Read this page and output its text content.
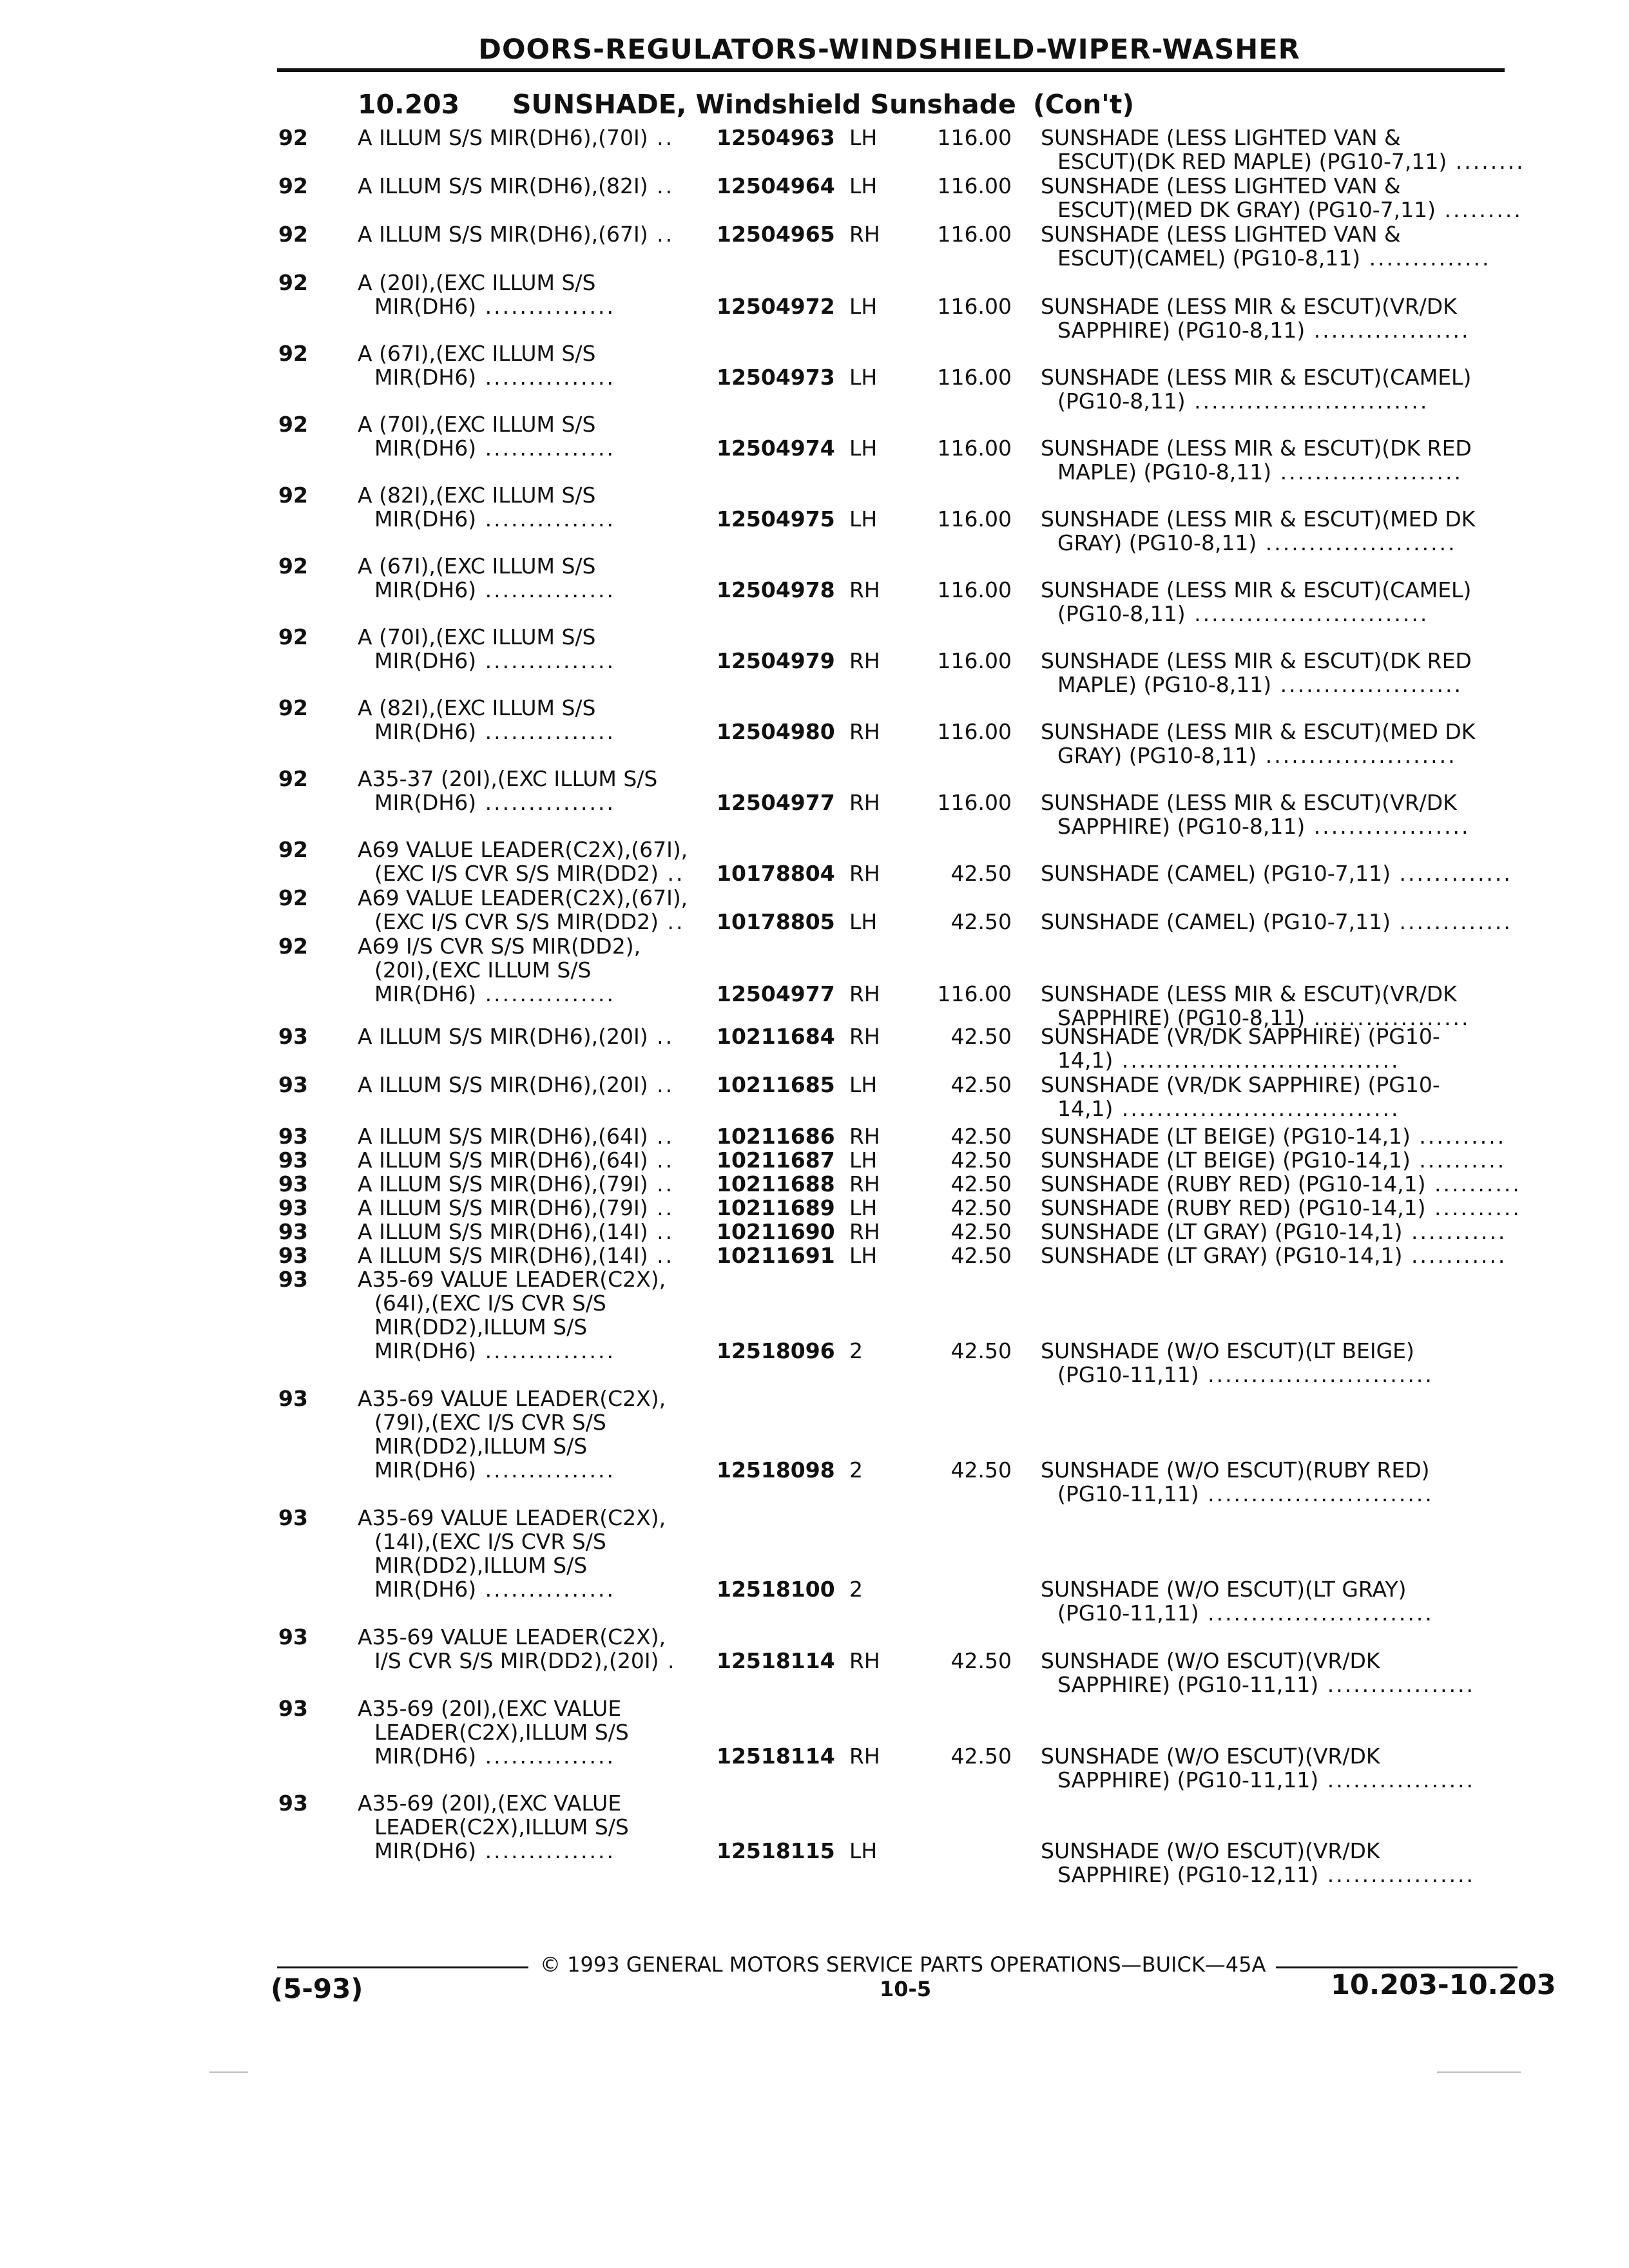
DOORS-REGULATORS-WINDSHIELD-WIPER-WASHER
10.203 SUNSHADE, Windshield Sunshade (Con't)
92 A ILLUM S/S MIR(DH6),(70I) .. 12504963 LH	116.00 SUNSHADE (LESS LIGHTED VAN &
ESCUT)(DK RED MAPLE) (PG10-7,11) ........
92 A ILLUM S/S MIR(DH6),(82I) .. 12504964 LH	116.00 SUNSHADE (LESS LIGHTED VAN &
ESCUT)(MED DK GRAY) (PG10-7,11) .........
92 A ILLUM S/S MIR(DH6),(67I) .. 12504965 RH	116.00 SUNSHADE (LESS LIGHTED VAN &
ESCUT)(CAMEL) (PG10-8,11) ..............
92 A (20I),(EXC ILLUM S/S
MIR(DH6) ...............	12504972 LH	116.00 SUNSHADE (LESS MIR & ESCUT)(VR/DK
SAPPHIRE) (PG10-8,11) ..................
92 A (67I),(EXC ILLUM S/S
MIR(DH6) ...............	12504973 LH	116.00 SUNSHADE (LESS MIR & ESCUT)(CAMEL)
(PG10-8,11) ...........................
92 A (70I),(EXC ILLUM S/S
MIR(DH6) ...............	12504974 LH	116.00 SUNSHADE (LESS MIR & ESCUT)(DK RED
MAPLE) (PG10-8,11) .....................
92 A (82I),(EXC ILLUM S/S
MIR(DH6) ...............	12504975 LH	116.00 SUNSHADE (LESS MIR & ESCUT)(MED DK
GRAY) (PG10-8,11) ......................
92 A (67I),(EXC ILLUM S/S
MIR(DH6) ...............	12504978 RH	116.00 SUNSHADE (LESS MIR & ESCUT)(CAMEL)
(PG10-8,11) ...........................
92 A (70I),(EXC ILLUM S/S
MIR(DH6) ...............	12504979 RH	116.00 SUNSHADE (LESS MIR & ESCUT)(DK RED
MAPLE) (PG10-8,11) .....................
92 A (82I),(EXC ILLUM S/S
MIR(DH6) ...............	12504980 RH	116.00 SUNSHADE (LESS MIR & ESCUT)(MED DK
GRAY) (PG10-8,11) ......................
92 A35-37 (20I),(EXC ILLUM S/S
MIR(DH6) ...............	12504977 RH	116.00 SUNSHADE (LESS MIR & ESCUT)(VR/DK
SAPPHIRE) (PG10-8,11) ..................
92 A69 VALUE LEADER(C2X),(67I),
(EXC I/S CVR S/S MIR(DD2) .. 10178804 RH	42.50 SUNSHADE (CAMEL) (PG10-7,11) .............
92 A69 VALUE LEADER(C2X),(67I),
(EXC I/S CVR S/S MIR(DD2) .. 10178805 LH	42.50 SUNSHADE (CAMEL) (PG10-7,11) .............
92 A69 I/S CVR S/S MIR(DD2),
(20I),(EXC ILLUM S/S
MIR(DH6) ...............	12504977 RH	116.00 SUNSHADE (LESS MIR & ESCUT)(VR/DK
SAPPHIRE) (PG10-8,11) ..................
93 A ILLUM S/S MIR(DH6),(20I) .. 10211684 RH	42.50 SUNSHADE (VR/DK SAPPHIRE) (PG10-
14,1) ................................
93 A ILLUM S/S MIR(DH6),(20I) .. 10211685 LH	42.50 SUNSHADE (VR/DK SAPPHIRE) (PG10-
14,1) ................................
93 A ILLUM S/S MIR(DH6),(64I) .. 10211686 RH	42.50 SUNSHADE (LT BEIGE) (PG10-14,1) ..........
93 A ILLUM S/S MIR(DH6),(64I) .. 10211687 LH	42.50 SUNSHADE (LT BEIGE) (PG10-14,1) ..........
93 A ILLUM S/S MIR(DH6),(79I) .. 10211688 RH	42.50 SUNSHADE (RUBY RED) (PG10-14,1) ..........
93 A ILLUM S/S MIR(DH6),(79I) .. 10211689 LH	42.50 SUNSHADE (RUBY RED) (PG10-14,1) ..........
93 A ILLUM S/S MIR(DH6),(14I) .. 10211690 RH	42.50 SUNSHADE (LT GRAY) (PG10-14,1) ...........
93 A ILLUM S/S MIR(DH6),(14I) .. 10211691 LH	42.50 SUNSHADE (LT GRAY) (PG10-14,1) ...........
93 A35-69 VALUE LEADER(C2X),
(64I),(EXC I/S CVR S/S
MIR(DD2),ILLUM S/S
MIR(DH6) ...............	12518096 2	42.50 SUNSHADE (W/O ESCUT)(LT BEIGE)
(PG10-11,11) ..........................
93 A35-69 VALUE LEADER(C2X),
(79I),(EXC I/S CVR S/S
MIR(DD2),ILLUM S/S
MIR(DH6) ...............	12518098 2	42.50 SUNSHADE (W/O ESCUT)(RUBY RED)
(PG10-11,11) ..........................
93 A35-69 VALUE LEADER(C2X),
(14I),(EXC I/S CVR S/S
MIR(DD2),ILLUM S/S
MIR(DH6) ...............	12518100 2	SUNSHADE (W/O ESCUT)(LT GRAY)
(PG10-11,11) ..........................
93 A35-69 VALUE LEADER(C2X),
I/S CVR S/S MIR(DD2),(20I) . 12518114 RH	42.50 SUNSHADE (W/O ESCUT)(VR/DK
SAPPHIRE) (PG10-11,11) .................
93 A35-69 (20I),(EXC VALUE
LEADER(C2X),ILLUM S/S
MIR(DH6) ...............	12518114 RH	42.50 SUNSHADE (W/O ESCUT)(VR/DK
SAPPHIRE) (PG10-11,11) .................
93 A35-69 (20I),(EXC VALUE
LEADER(C2X),ILLUM S/S
MIR(DH6) ...............	12518115 LH	SUNSHADE (W/O ESCUT)(VR/DK
SAPPHIRE) (PG10-12,11) .................
© 1993 GENERAL MOTORS SERVICE PARTS OPERATIONS—BUICK—45A
(5-93)	10-5	10.203-10.203
